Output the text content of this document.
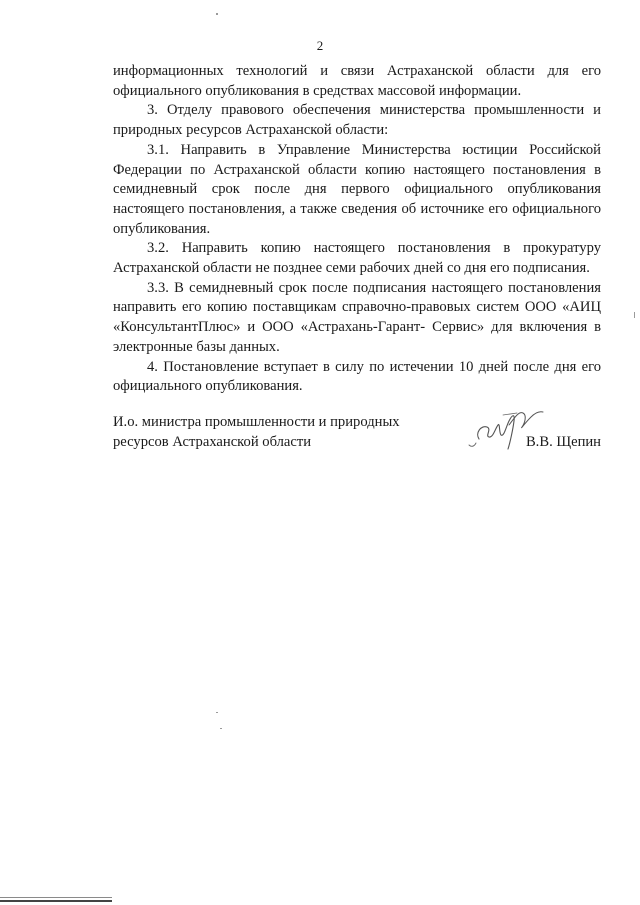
2

информационных технологий и связи Астраханской области для его официального опубликования в средствах массовой информации.

3. Отделу правового обеспечения министерства промышленности и природных ресурсов Астраханской области:

3.1. Направить в Управление Министерства юстиции Российской Федерации по Астраханской области копию настоящего постановления в семидневный срок после дня первого официального опубликования настоящего постановления, а также сведения об источнике его официального опубликования.

3.2. Направить копию настоящего постановления в прокуратуру Астраханской области не позднее семи рабочих дней со дня его подписания.

3.3. В семидневный срок после подписания настоящего постановления направить его копию поставщикам справочно-правовых систем ООО «АИЦ «КонсультантПлюс» и ООО «Астрахань-Гарант- Сервис» для включения в электронные базы данных.

4. Постановление вступает в силу по истечении 10 дней после дня его официального опубликования.

И.о. министра промышленности и природных
ресурсов Астраханской области	В.В. Щепин
